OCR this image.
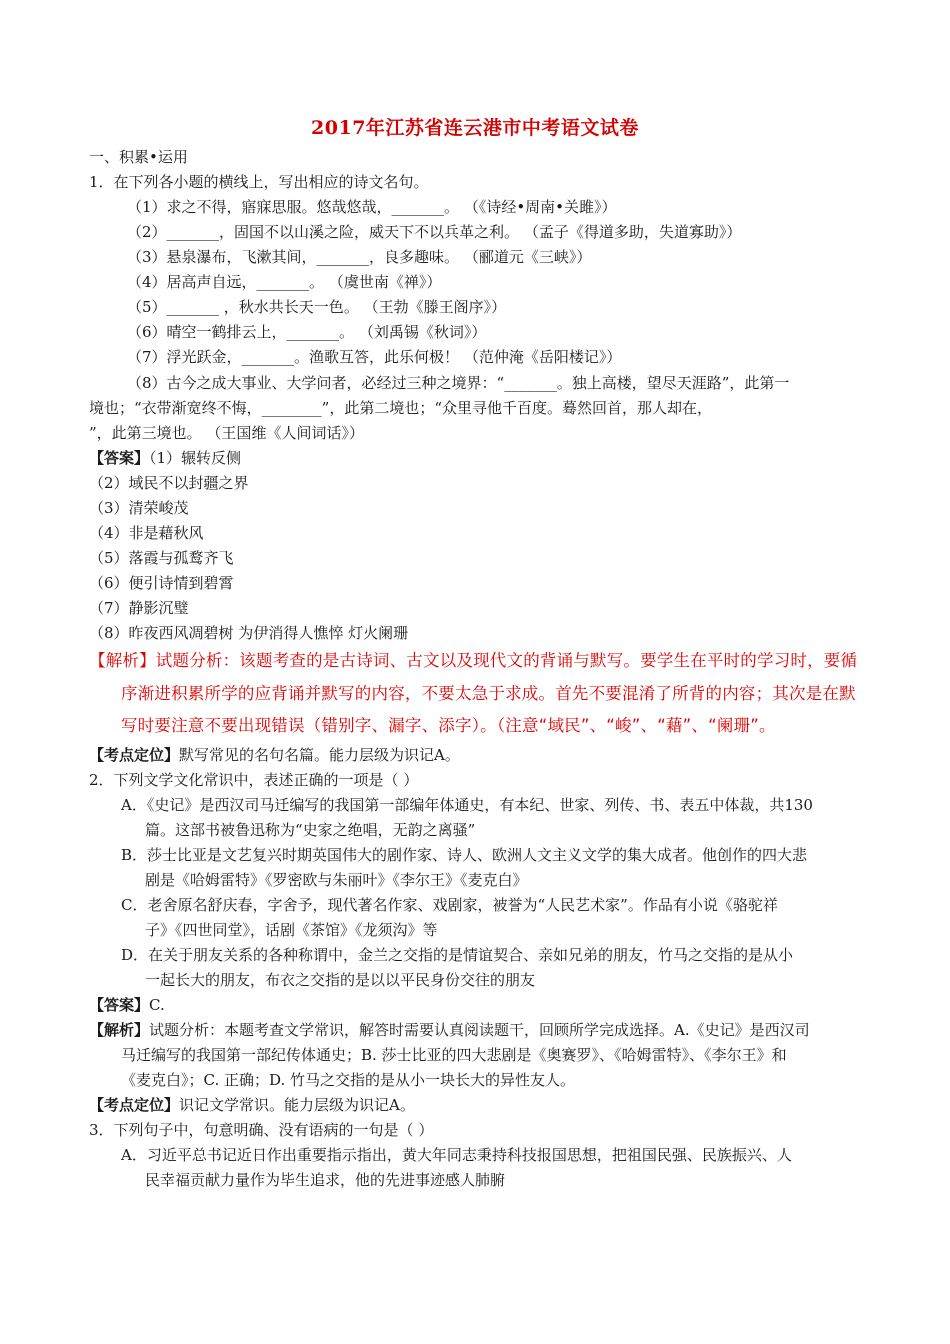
2017年江苏省连云港市中考语文试卷
一、积累•运用
1．在下列各小题的横线上，写出相应的诗文名句。
（1）求之不得，寤寐思服。悠哉悠哉，_______。 （《诗经•周南•关雎》）
（2）_______，固国不以山溪之险，威天下不以兵革之利。 （孟子《得道多助，失道寡助》）
（3）悬泉瀑布，飞漱其间，_______，良多趣味。 （郦道元《三峡》）
（4）居高声自远，_______。 （虞世南《禅》）
（5）_______ ，秋水共长天一色。 （王勃《滕王阁序》）
（6）晴空一鹤排云上，_______。 （刘禹锡《秋词》）
（7）浮光跃金，_______。渔歌互答，此乐何极！ （范仲淹《岳阳楼记》）
（8）古今之成大事业、大学问者，必经过三种之境界：“_______。独上高楼，望尽天涯路”，此第一
境也；“衣带渐宽终不悔，________”，此第二境也；“众里寻他千百度。蓦然回首，那人却在，
”，此第三境也。 （王国维《人间词话》）
【答案】（1）辗转反侧
（2）域民不以封疆之界
（3）清荣峻茂
（4）非是藉秋风
（5）落霞与孤鹜齐飞
（6）便引诗情到碧霄
（7）静影沉璧
（8）昨夜西风凋碧树 为伊消得人憔悴 灯火阑珊
【解析】试题分析：该题考查的是古诗词、古文以及现代文的背诵与默写。要学生在平时的学习时，要循
序渐进积累所学的应背诵并默写的内容，不要太急于求成。首先不要混淆了所背的内容；其次是在默
写时要注意不要出现错误（错别字、漏字、添字）。（注意“域民”、“峻”、“藉”、“阑珊”。
【考点定位】默写常见的名句名篇。能力层级为识记A。
2．下列文学文化常识中，表述正确的一项是（ ）
A．《史记》是西汉司马迁编写的我国第一部编年体通史，有本纪、世家、列传、书、表五中体裁，共130
篇。这部书被鲁迅称为“史家之绝唱，无韵之离骚”
B．莎士比亚是文艺复兴时期英国伟大的剧作家、诗人、欧洲人文主义文学的集大成者。他创作的四大悲
剧是《哈姆雷特》《罗密欧与朱丽叶》《李尔王》《麦克白》
C．老舍原名舒庆春，字舍予，现代著名作家、戏剧家，被誉为“人民艺术家”。作品有小说《骆驼祥
子》《四世同堂》，话剧《茶馆》《龙须沟》等
D．在关于朋友关系的各种称谓中，金兰之交指的是情谊契合、亲如兄弟的朋友，竹马之交指的是从小
一起长大的朋友，布衣之交指的是以以平民身份交往的朋友
【答案】C.
【解析】试题分析：本题考查文学常识，解答时需要认真阅读题干，回顾所学完成选择。A.《史记》是西汉司
马迁编写的我国第一部纪传体通史；B. 莎士比亚的四大悲剧是《奥赛罗》、《哈姆雷特》、《李尔王》和
《麦克白》；C. 正确；D. 竹马之交指的是从小一块长大的异性友人。
【考点定位】识记文学常识。能力层级为识记A。
3．下列句子中，句意明确、没有语病的一句是（ ）
A．习近平总书记近日作出重要指示指出，黄大年同志秉持科技报国思想，把祖国民强、民族振兴、人
民幸福贡献力量作为毕生追求，他的先进事迹感人肺腑
